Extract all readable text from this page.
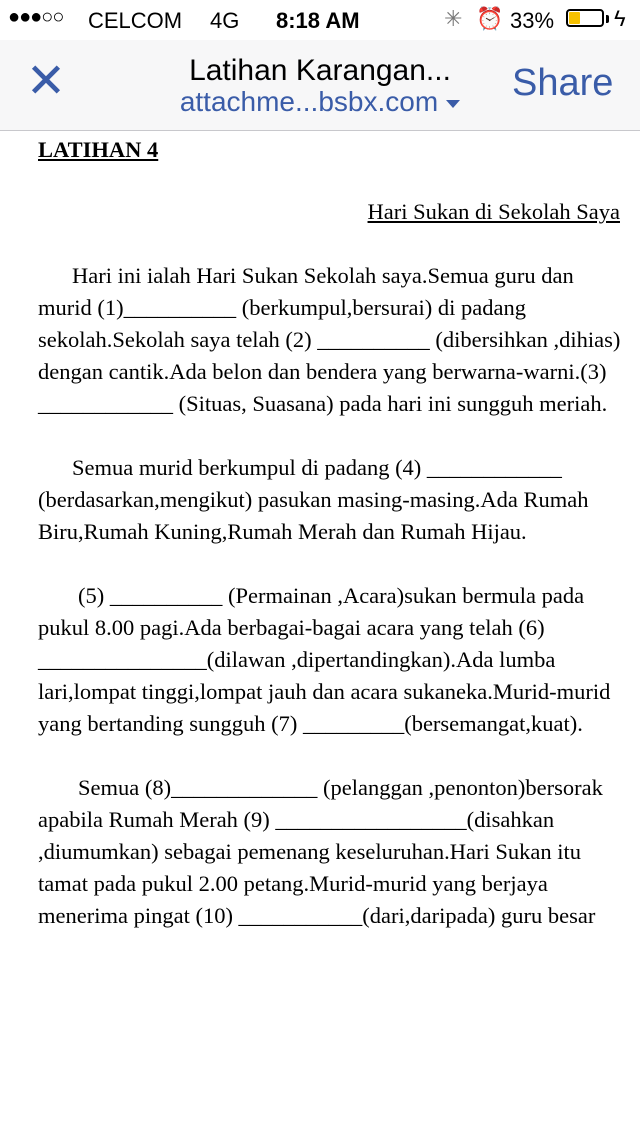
●●●○○ CELCOM 4G 8:18 AM	✳ ⏰ 33%	ϟ
✕	Latihan Karangan...
attachme...bsbx.com	Share

LATIHAN 4

Hari Sukan di Sekolah Saya

Hari ini ialah Hari Sukan Sekolah saya.Semua guru dan murid (1)__________ (berkumpul,bersurai) di padang sekolah.Sekolah saya telah (2) __________ (dibersihkan ,dihias) dengan cantik.Ada belon dan bendera yang berwarna-warni.(3) ____________ (Situas, Suasana) pada hari ini sungguh meriah.

Semua murid berkumpul di padang (4) ____________ (berdasarkan,mengikut) pasukan masing-masing.Ada Rumah Biru,Rumah Kuning,Rumah Merah dan Rumah Hijau.

(5) __________ (Permainan ,Acara)sukan bermula pada pukul 8.00 pagi.Ada berbagai-bagai acara yang telah (6) _______________(dilawan ,dipertandingkan).Ada lumba lari,lompat tinggi,lompat jauh dan acara sukaneka.Murid-murid yang bertanding sungguh (7) _________(bersemangat,kuat).

Semua (8)_____________ (pelanggan ,penonton)bersorak apabila Rumah Merah (9) _________________(disahkan ,diumumkan) sebagai pemenang keseluruhan.Hari Sukan itu tamat pada pukul 2.00 petang.Murid-murid yang berjaya menerima pingat (10) ___________(dari,daripada) guru besar
